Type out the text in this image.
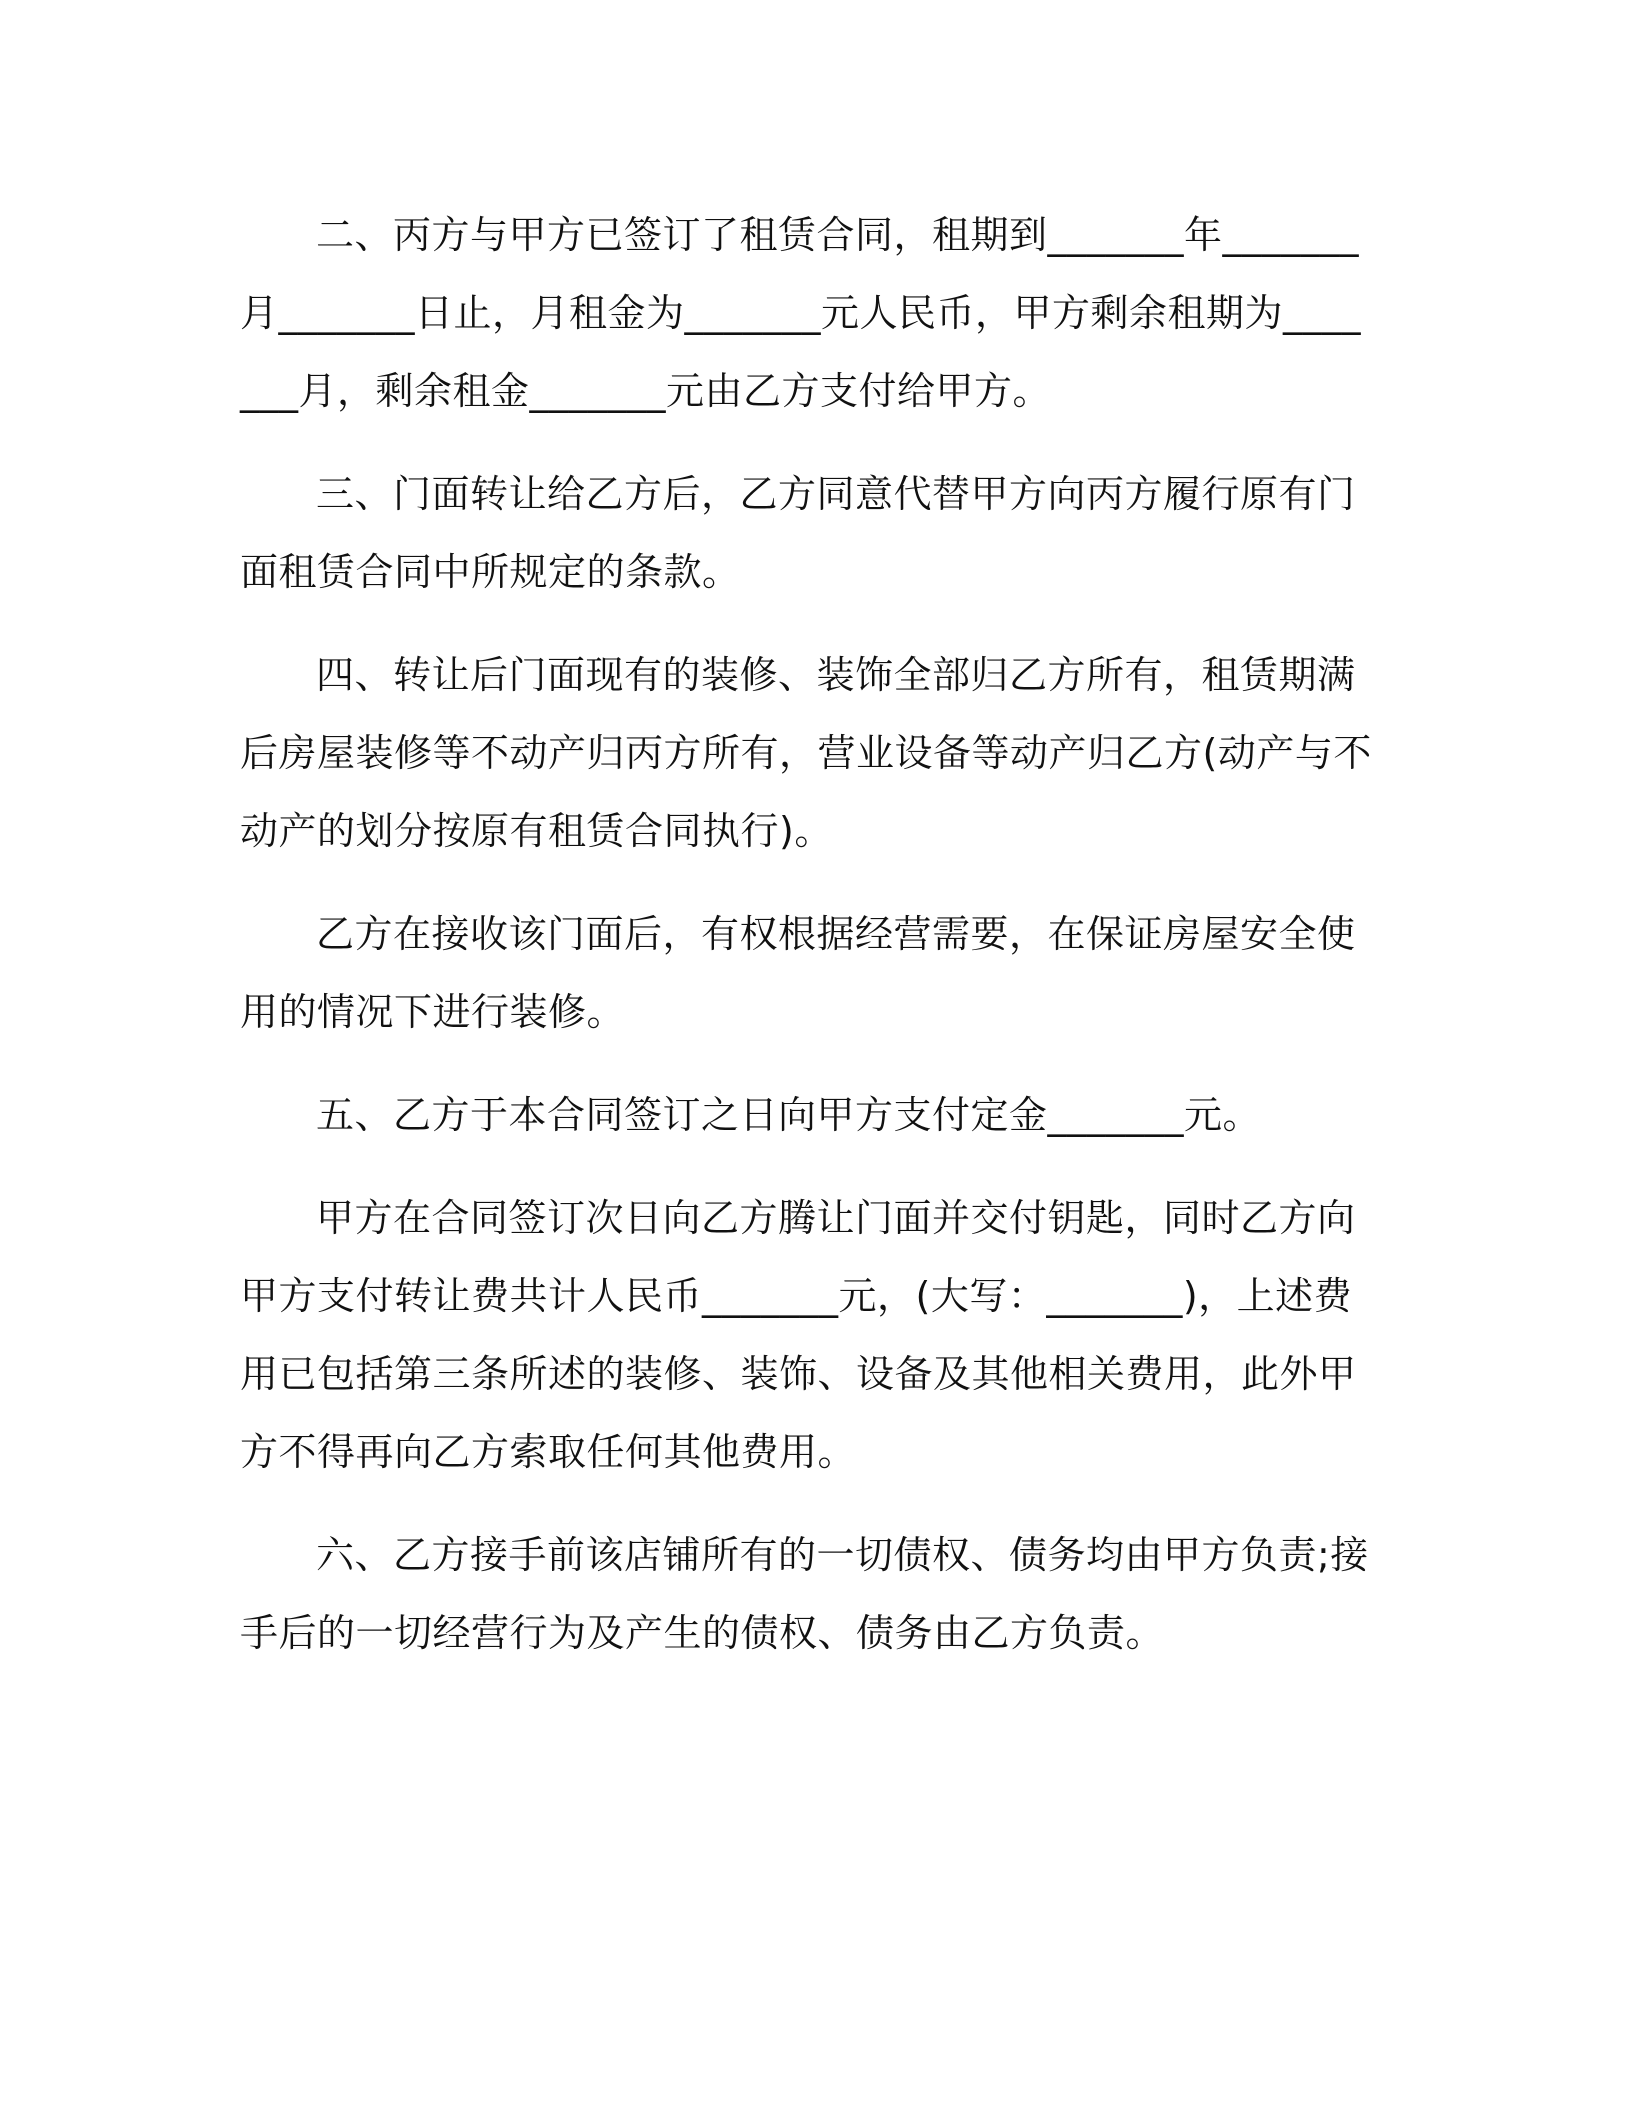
二、丙方与甲方已签订了租赁合同，租期到_______年_______月_______日止，月租金为_______元人民币，甲方剩余租期为_______月，剩余租金_______元由乙方支付给甲方。

三、门面转让给乙方后，乙方同意代替甲方向丙方履行原有门面租赁合同中所规定的条款。

四、转让后门面现有的装修、装饰全部归乙方所有，租赁期满后房屋装修等不动产归丙方所有，营业设备等动产归乙方(动产与不动产的划分按原有租赁合同执行)。

乙方在接收该门面后，有权根据经营需要，在保证房屋安全使用的情况下进行装修。

五、乙方于本合同签订之日向甲方支付定金_______元。

甲方在合同签订次日向乙方腾让门面并交付钥匙，同时乙方向甲方支付转让费共计人民币_______元，(大写：_______)，上述费用已包括第三条所述的装修、装饰、设备及其他相关费用，此外甲方不得再向乙方索取任何其他费用。

六、乙方接手前该店铺所有的一切债权、债务均由甲方负责;接手后的一切经营行为及产生的债权、债务由乙方负责。
